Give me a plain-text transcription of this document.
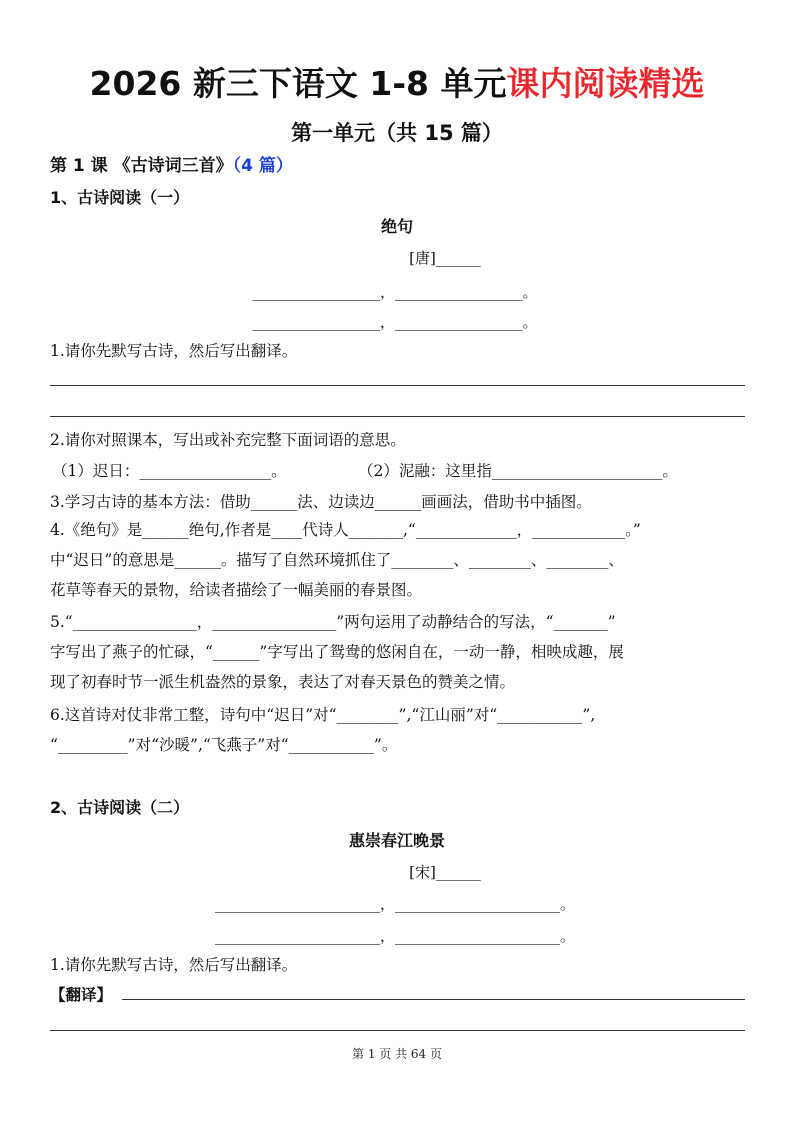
2026 新三下语文 1-8 单元课内阅读精选
第一单元（共 15 篇）
第 1 课 《古诗词三首》（4 篇）
1、古诗阅读（一）
绝句
[唐]______
_________________，_________________。
_________________，_________________。
1.请你先默写古诗，然后写出翻译。
2.请你对照课本，写出或补充完整下面词语的意思。
（1）迟日：_________________。	（2）泥融：这里指______________________。
3.学习古诗的基本方法：借助______法、边读边______画画法，借助书中插图。
4.《绝句》是______绝句,作者是____代诗人_______,“_____________，____________。”
中“迟日”的意思是______。描写了自然环境抓住了________、________、________、
花草等春天的景物，给读者描绘了一幅美丽的春景图。
5.“________________，________________”两句运用了动静结合的写法，“_______”
字写出了燕子的忙碌，“______”字写出了鸳鸯的悠闲自在，一动一静，相映成趣，展
现了初春时节一派生机盎然的景象，表达了对春天景色的赞美之情。
6.这首诗对仗非常工整，诗句中“迟日”对“________”,“江山丽”对“___________”,
“_________”对“沙暖”,“飞燕子”对“___________”。
2、古诗阅读（二）
惠崇春江晚景
[宋]______
______________________，______________________。
______________________，______________________。
1.请你先默写古诗，然后写出翻译。
【翻译】
第 1 页 共 64 页
